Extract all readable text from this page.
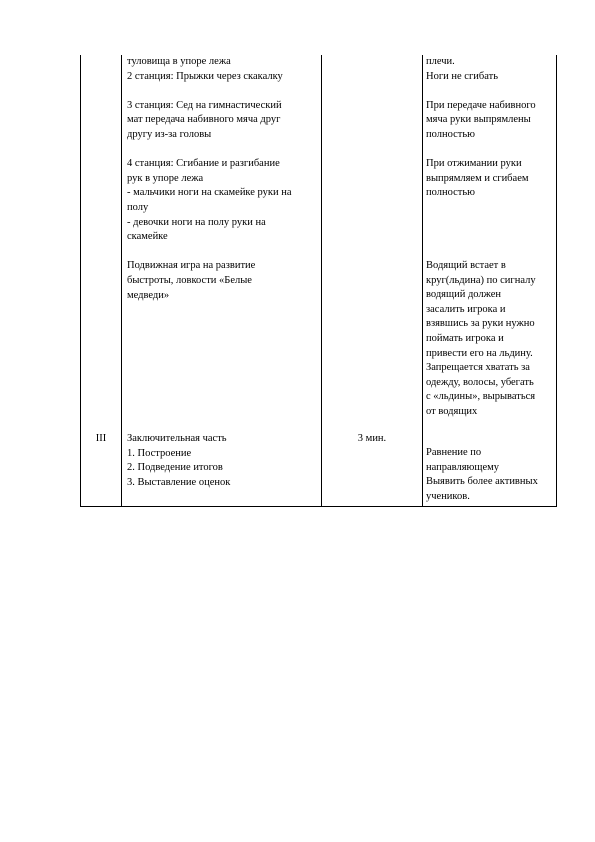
туловища в упоре лежа
2 станция: Прыжки через скакалку
3 станция: Сед на гимнастический
мат передача набивного мяча друг
другу из-за головы
4 станция: Сгибание и разгибание
рук в упоре лежа
- мальчики ноги на скамейке руки на
полу
- девочки ноги на полу руки на
скамейке
Подвижная игра на развитие
быстроты, ловкости «Белые
медведи»
плечи.
Ноги не сгибать
При передаче набивного
мяча руки выпрямлены
полностью
При отжимании руки
выпрямляем и сгибаем
полностью
Водящий встает в
круг(льдина) по сигналу
водящий должен
засалить игрока и
взявшись за руки нужно
поймать игрока и
привести его на льдину.
Запрещается хватать за
одежду, волосы, убегать
с «льдины», вырываться
от водящих
III	Заключительная часть
1. Построение
2. Подведение итогов
3. Выставление оценок
3 мин.
Равнение по
направляющему
Выявить более активных
учеников.
